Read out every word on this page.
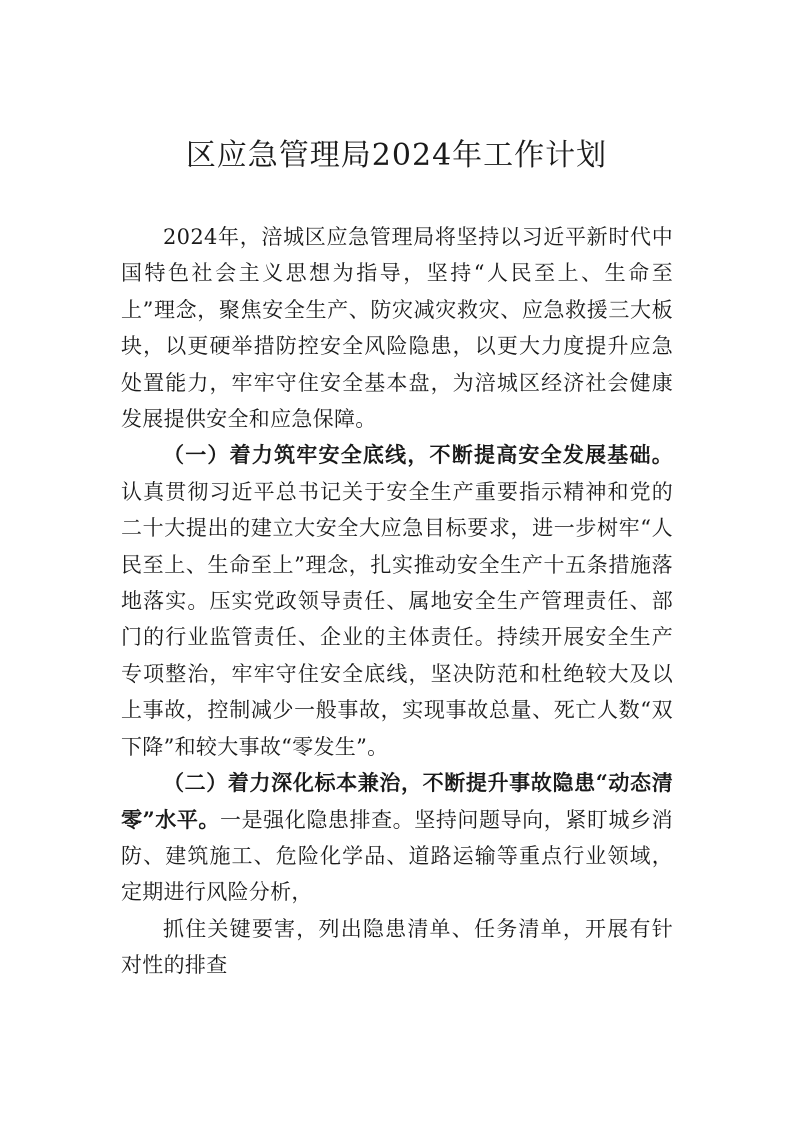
区应急管理局2024年工作计划

2024年，涪城区应急管理局将坚持以习近平新时代中国特色社会主义思想为指导，坚持“人民至上、生命至上”理念，聚焦安全生产、防灾减灾救灾、应急救援三大板块，以更硬举措防控安全风险隐患，以更大力度提升应急处置能力，牢牢守住安全基本盘，为涪城区经济社会健康发展提供安全和应急保障。

（一）着力筑牢安全底线，不断提高安全发展基础。认真贯彻习近平总书记关于安全生产重要指示精神和党的二十大提出的建立大安全大应急目标要求，进一步树牢“人民至上、生命至上”理念，扎实推动安全生产十五条措施落地落实。压实党政领导责任、属地安全生产管理责任、部门的行业监管责任、企业的主体责任。持续开展安全生产专项整治，牢牢守住安全底线，坚决防范和杜绝较大及以上事故，控制减少一般事故，实现事故总量、死亡人数“双下降”和较大事故“零发生”。

（二）着力深化标本兼治，不断提升事故隐患“动态清零”水平。一是强化隐患排查。坚持问题导向，紧盯城乡消防、建筑施工、危险化学品、道路运输等重点行业领域，定期进行风险分析，

抓住关键要害，列出隐患清单、任务清单，开展有针对性的排查
